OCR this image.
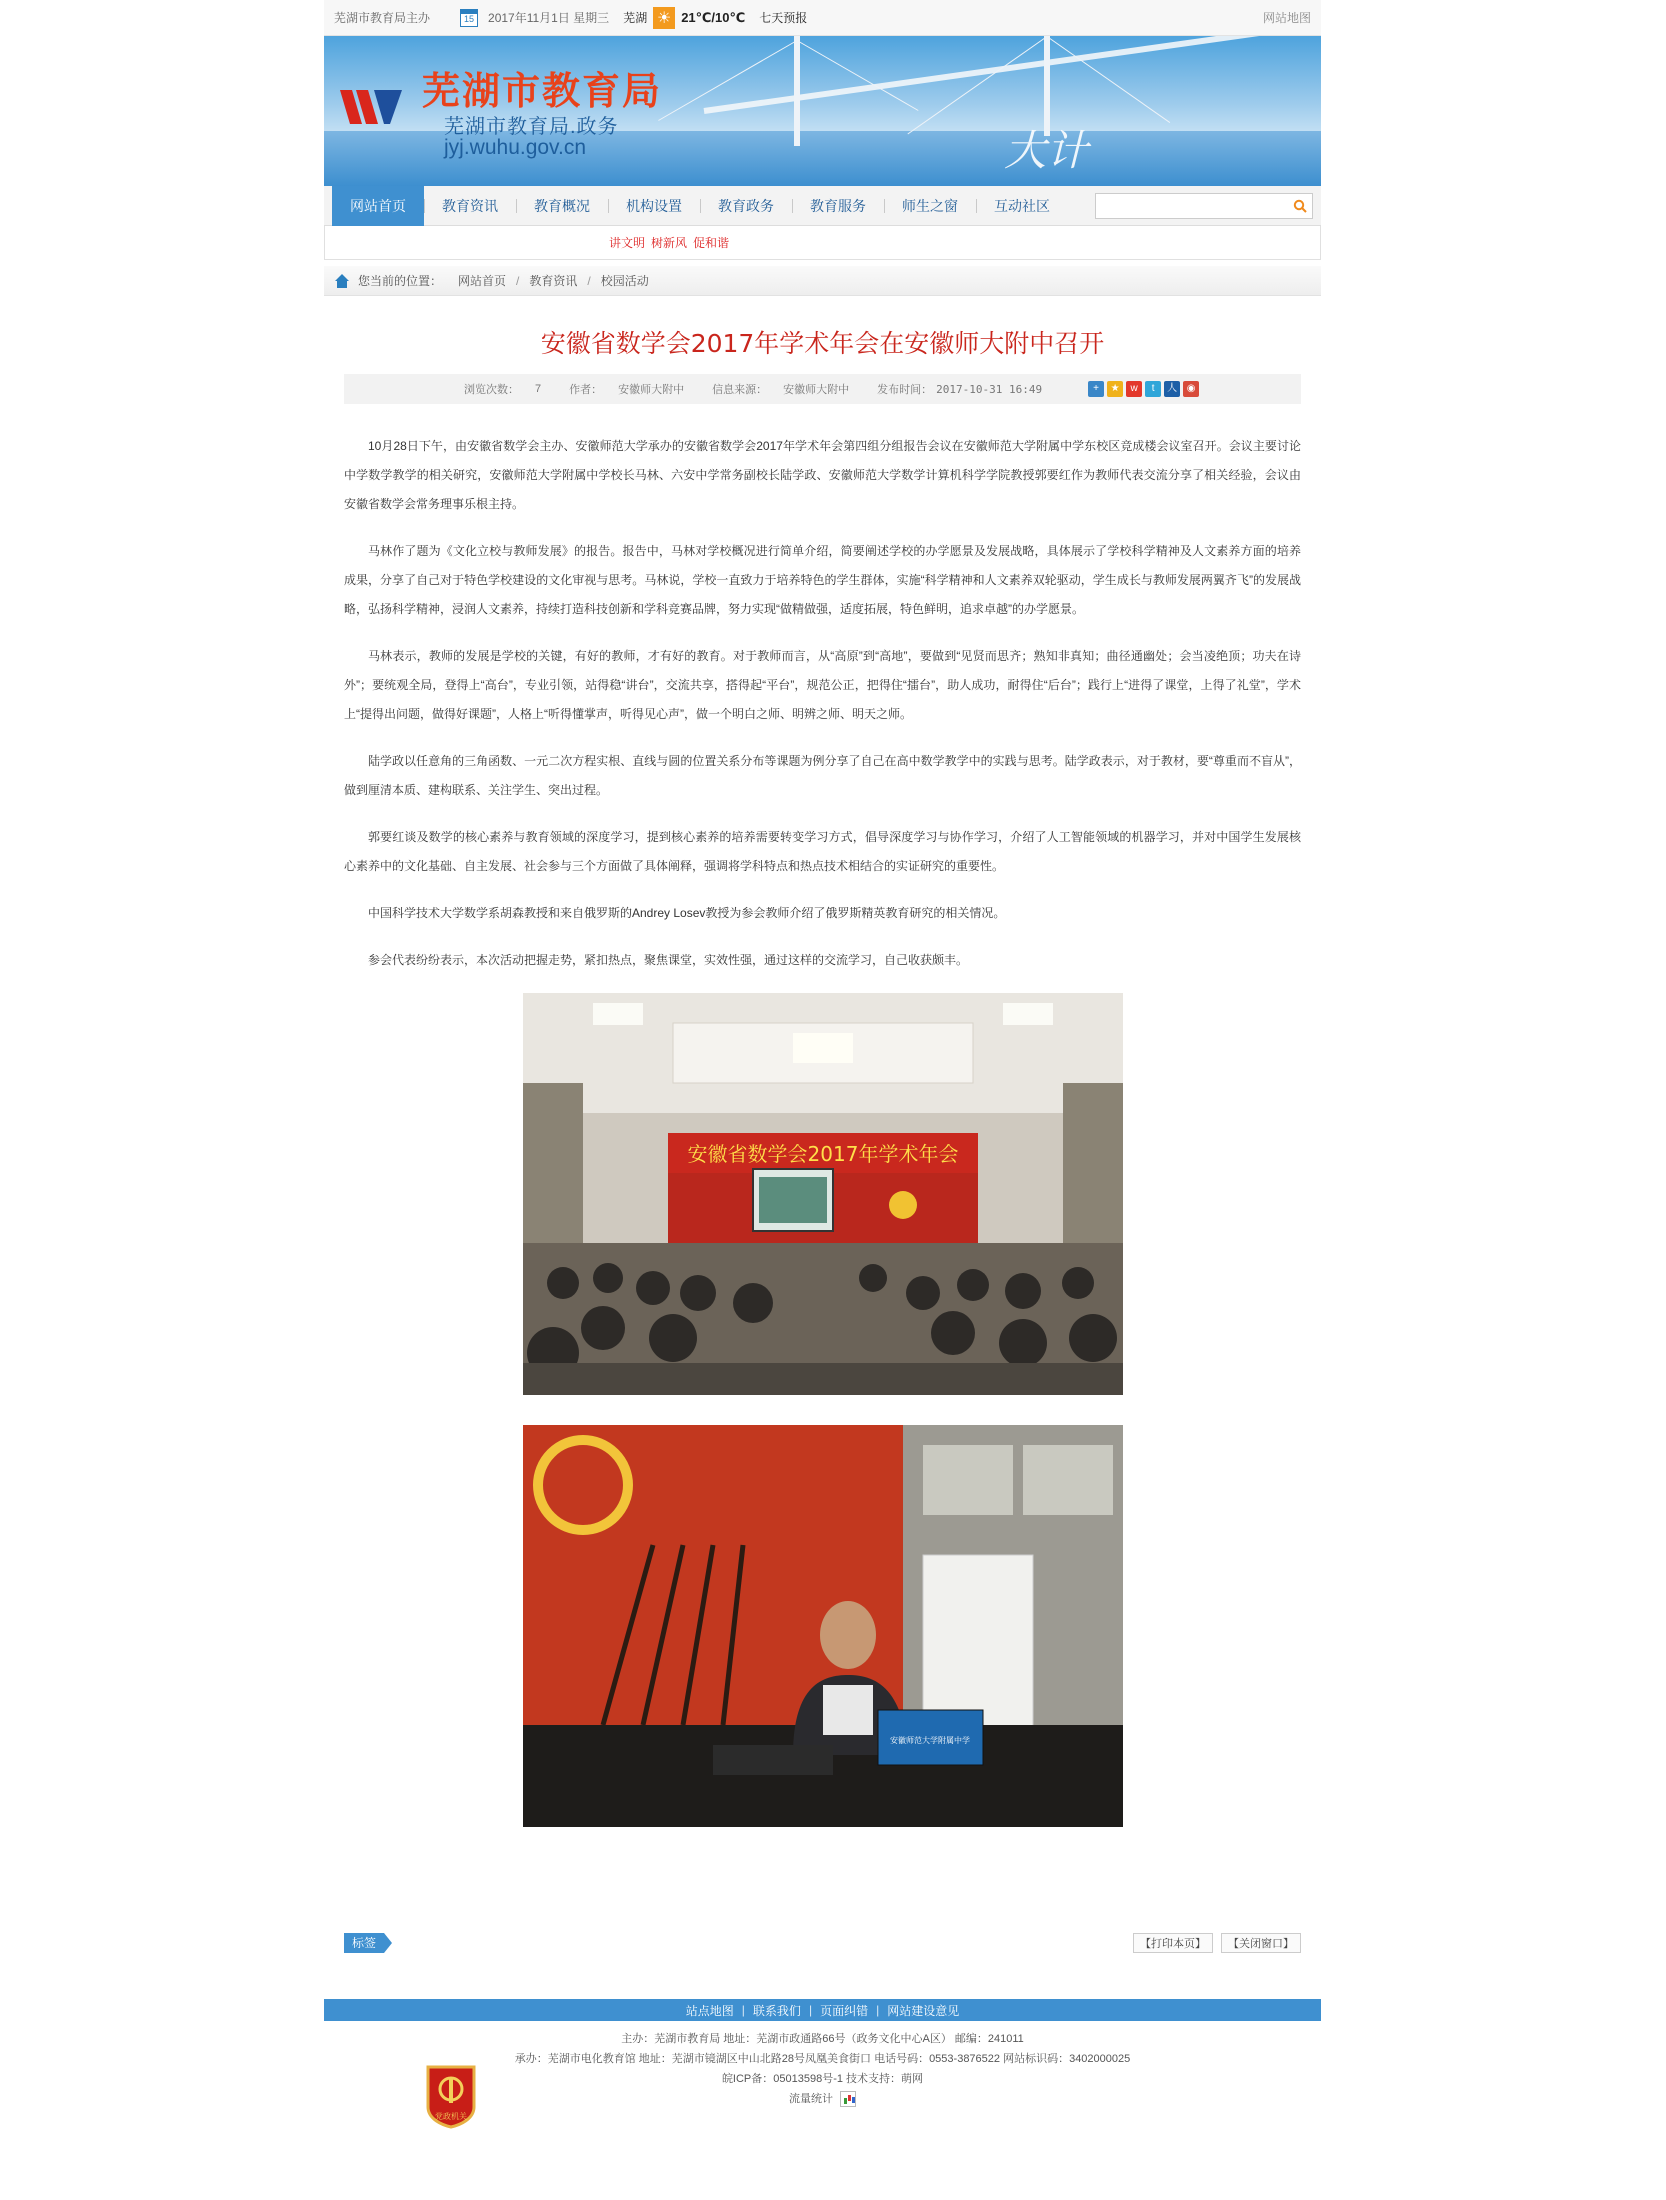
芜湖市教育局主办	15	2017年11月1日 星期三 芜湖 ☀ 21℃/10℃ 七天预报	网站地图
芜湖市教育局
芜湖市教育局.政务
jyj.wuhu.gov.cn	大计
网站首页	教育资讯	教育概况	机构设置	教育政务	教育服务	师生之窗	互动社区
讲文明 树新风 促和谐
您当前的位置： 网站首页 / 教育资讯 / 校园活动
安徽省数学会2017年学术年会在安徽师大附中召开
浏览次数： 7	作者： 安徽师大附中	信息来源： 安徽师大附中	发布时间： 2017-10-31 16:49	+	★	w	t	人 ◉

10月28日下午，由安徽省数学会主办、安徽师范大学承办的安徽省数学会2017年学术年会第四组分组报告会议在安徽师范大学附属中学东校区竞成楼会议室召开。会议主要讨论中学数学教学的相关研究，安徽师范大学附属中学校长马林、六安中学常务副校长陆学政、安徽师范大学数学计算机科学学院教授郭要红作为教师代表交流分享了相关经验，会议由安徽省数学会常务理事乐根主持。

马林作了题为《文化立校与教师发展》的报告。报告中，马林对学校概况进行简单介绍，简要阐述学校的办学愿景及发展战略，具体展示了学校科学精神及人文素养方面的培养成果，分享了自己对于特色学校建设的文化审视与思考。马林说，学校一直致力于培养特色的学生群体，实施“科学精神和人文素养双轮驱动，学生成长与教师发展两翼齐飞”的发展战略，弘扬科学精神，浸润人文素养，持续打造科技创新和学科竞赛品牌，努力实现“做精做强，适度拓展，特色鲜明，追求卓越”的办学愿景。

马林表示，教师的发展是学校的关键，有好的教师，才有好的教育。对于教师而言，从“高原”到“高地”，要做到“见贤而思齐；熟知非真知；曲径通幽处；会当凌绝顶；功夫在诗外”；要统观全局，登得上“高台”，专业引领，站得稳“讲台”，交流共享，搭得起“平台”，规范公正，把得住“擂台”，助人成功，耐得住“后台”；践行上“进得了课堂，上得了礼堂”，学术上“提得出问题，做得好课题”，人格上“听得懂掌声，听得见心声”，做一个明白之师、明辨之师、明天之师。

陆学政以任意角的三角函数、一元二次方程实根、直线与圆的位置关系分布等课题为例分享了自己在高中数学教学中的实践与思考。陆学政表示，对于教材，要“尊重而不盲从”，做到厘清本质、建构联系、关注学生、突出过程。

郭要红谈及数学的核心素养与教育领域的深度学习，提到核心素养的培养需要转变学习方式，倡导深度学习与协作学习，介绍了人工智能领域的机器学习，并对中国学生发展核心素养中的文化基础、自主发展、社会参与三个方面做了具体阐释，强调将学科特点和热点技术相结合的实证研究的重要性。

中国科学技术大学数学系胡森教授和来自俄罗斯的Andrey Losev教授为参会教师介绍了俄罗斯精英教育研究的相关情况。

参会代表纷纷表示，本次活动把握走势，紧扣热点，聚焦课堂，实效性强，通过这样的交流学习，自己收获颇丰。

安徽省数学会2017年学术年会
安徽师范大学附属中学
标签	【打印本页】	【关闭窗口】
站点地图 | 联系我们 | 页面纠错 | 网站建设意见
党政机关
主办：芜湖市教育局 地址：芜湖市政通路66号（政务文化中心A区） 邮编：241011
承办：芜湖市电化教育馆 地址：芜湖市镜湖区中山北路28号凤凰美食街口 电话号码：0553-3876522 网站标识码：3402000025
皖ICP备：05013598号-1 技术支持：萌网
流量统计
